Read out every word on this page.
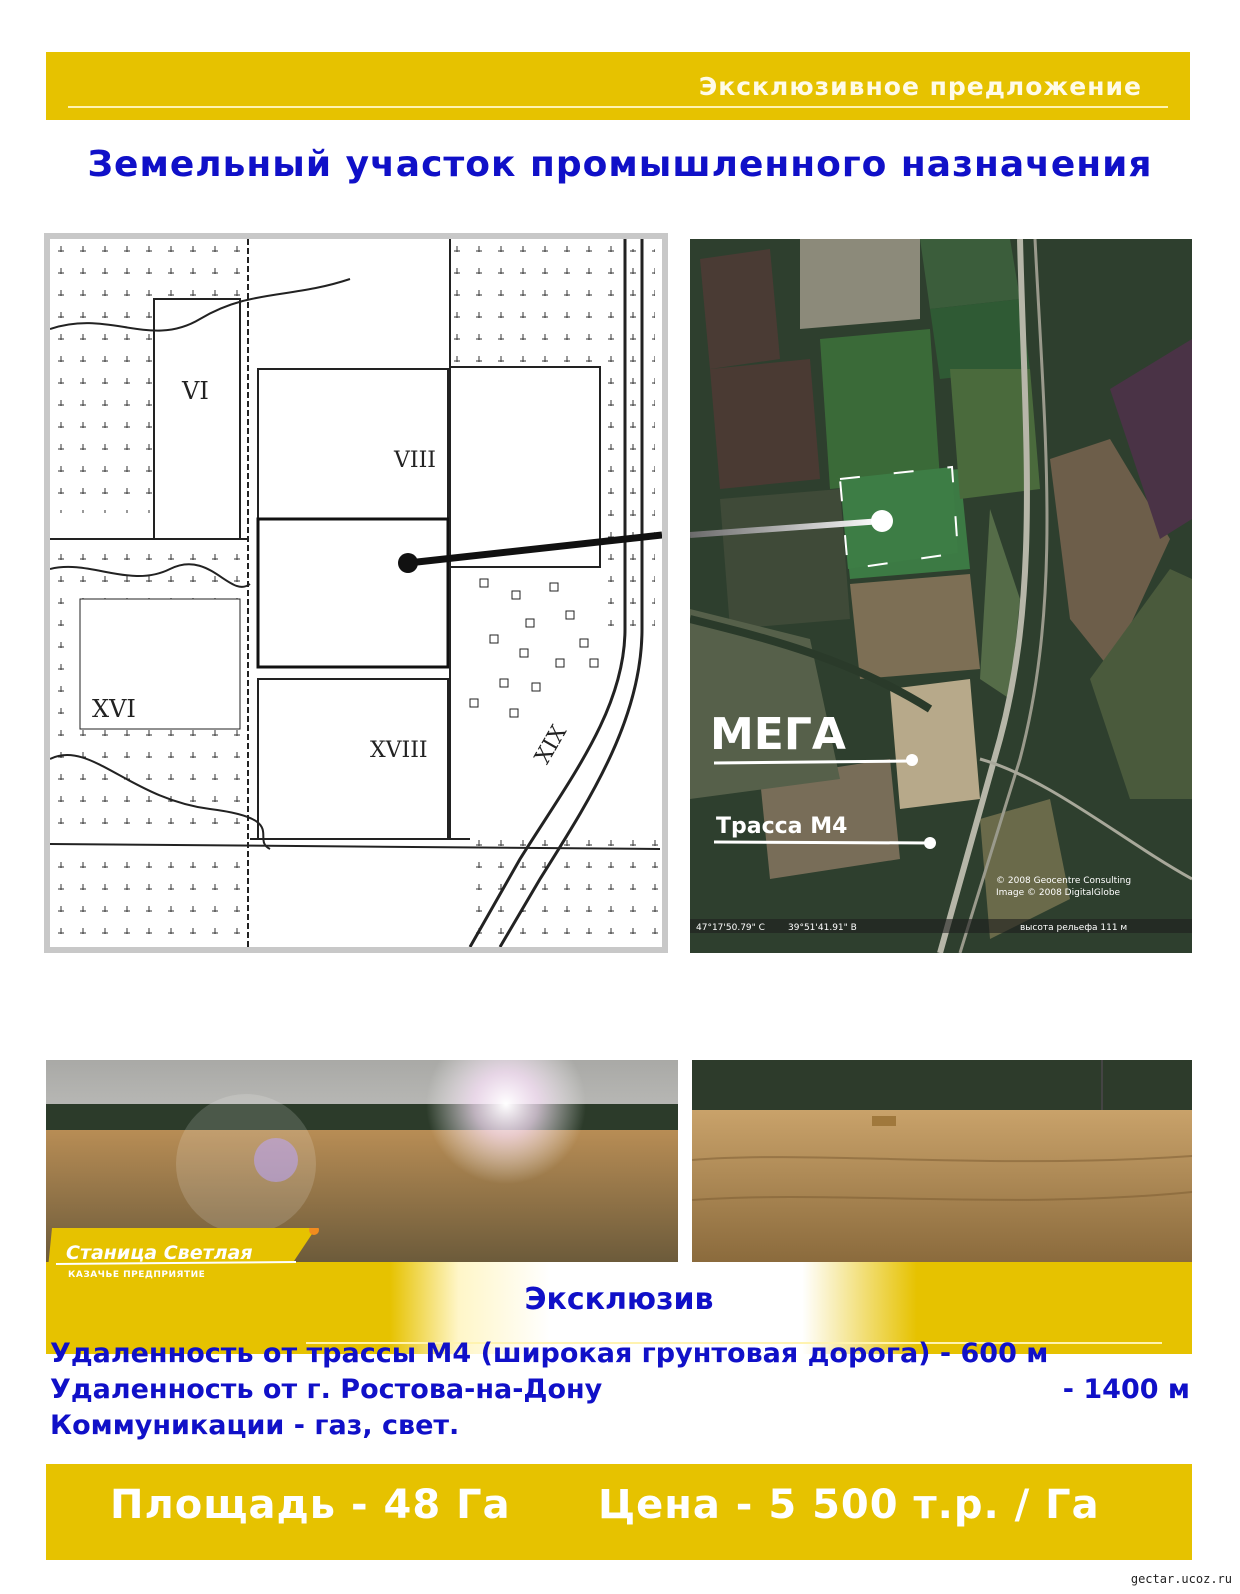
Эксклюзивное предложение
Земельный участок промышленного назначения
VI
VIII
XVI
XVIII	XIX	МЕГА
Трасса М4
© 2008 Geocentre Consulting
Image © 2008 DigitalGlobe
47°17'50.79" С	39°51'41.91" В	высота рельефа 111 м
Эксклюзив
Станица Светлая
КАЗАЧЬЕ ПРЕДПРИЯТИЕ
Удаленность от трассы М4 (широкая грунтовая дорога) - 600 м
Удаленность от г. Ростова-на-Дону	- 1400 м
Коммуникации - газ, свет.
Площадь - 48 Га Цена - 5 500 т.р. / Га
gectar.ucoz.ru
